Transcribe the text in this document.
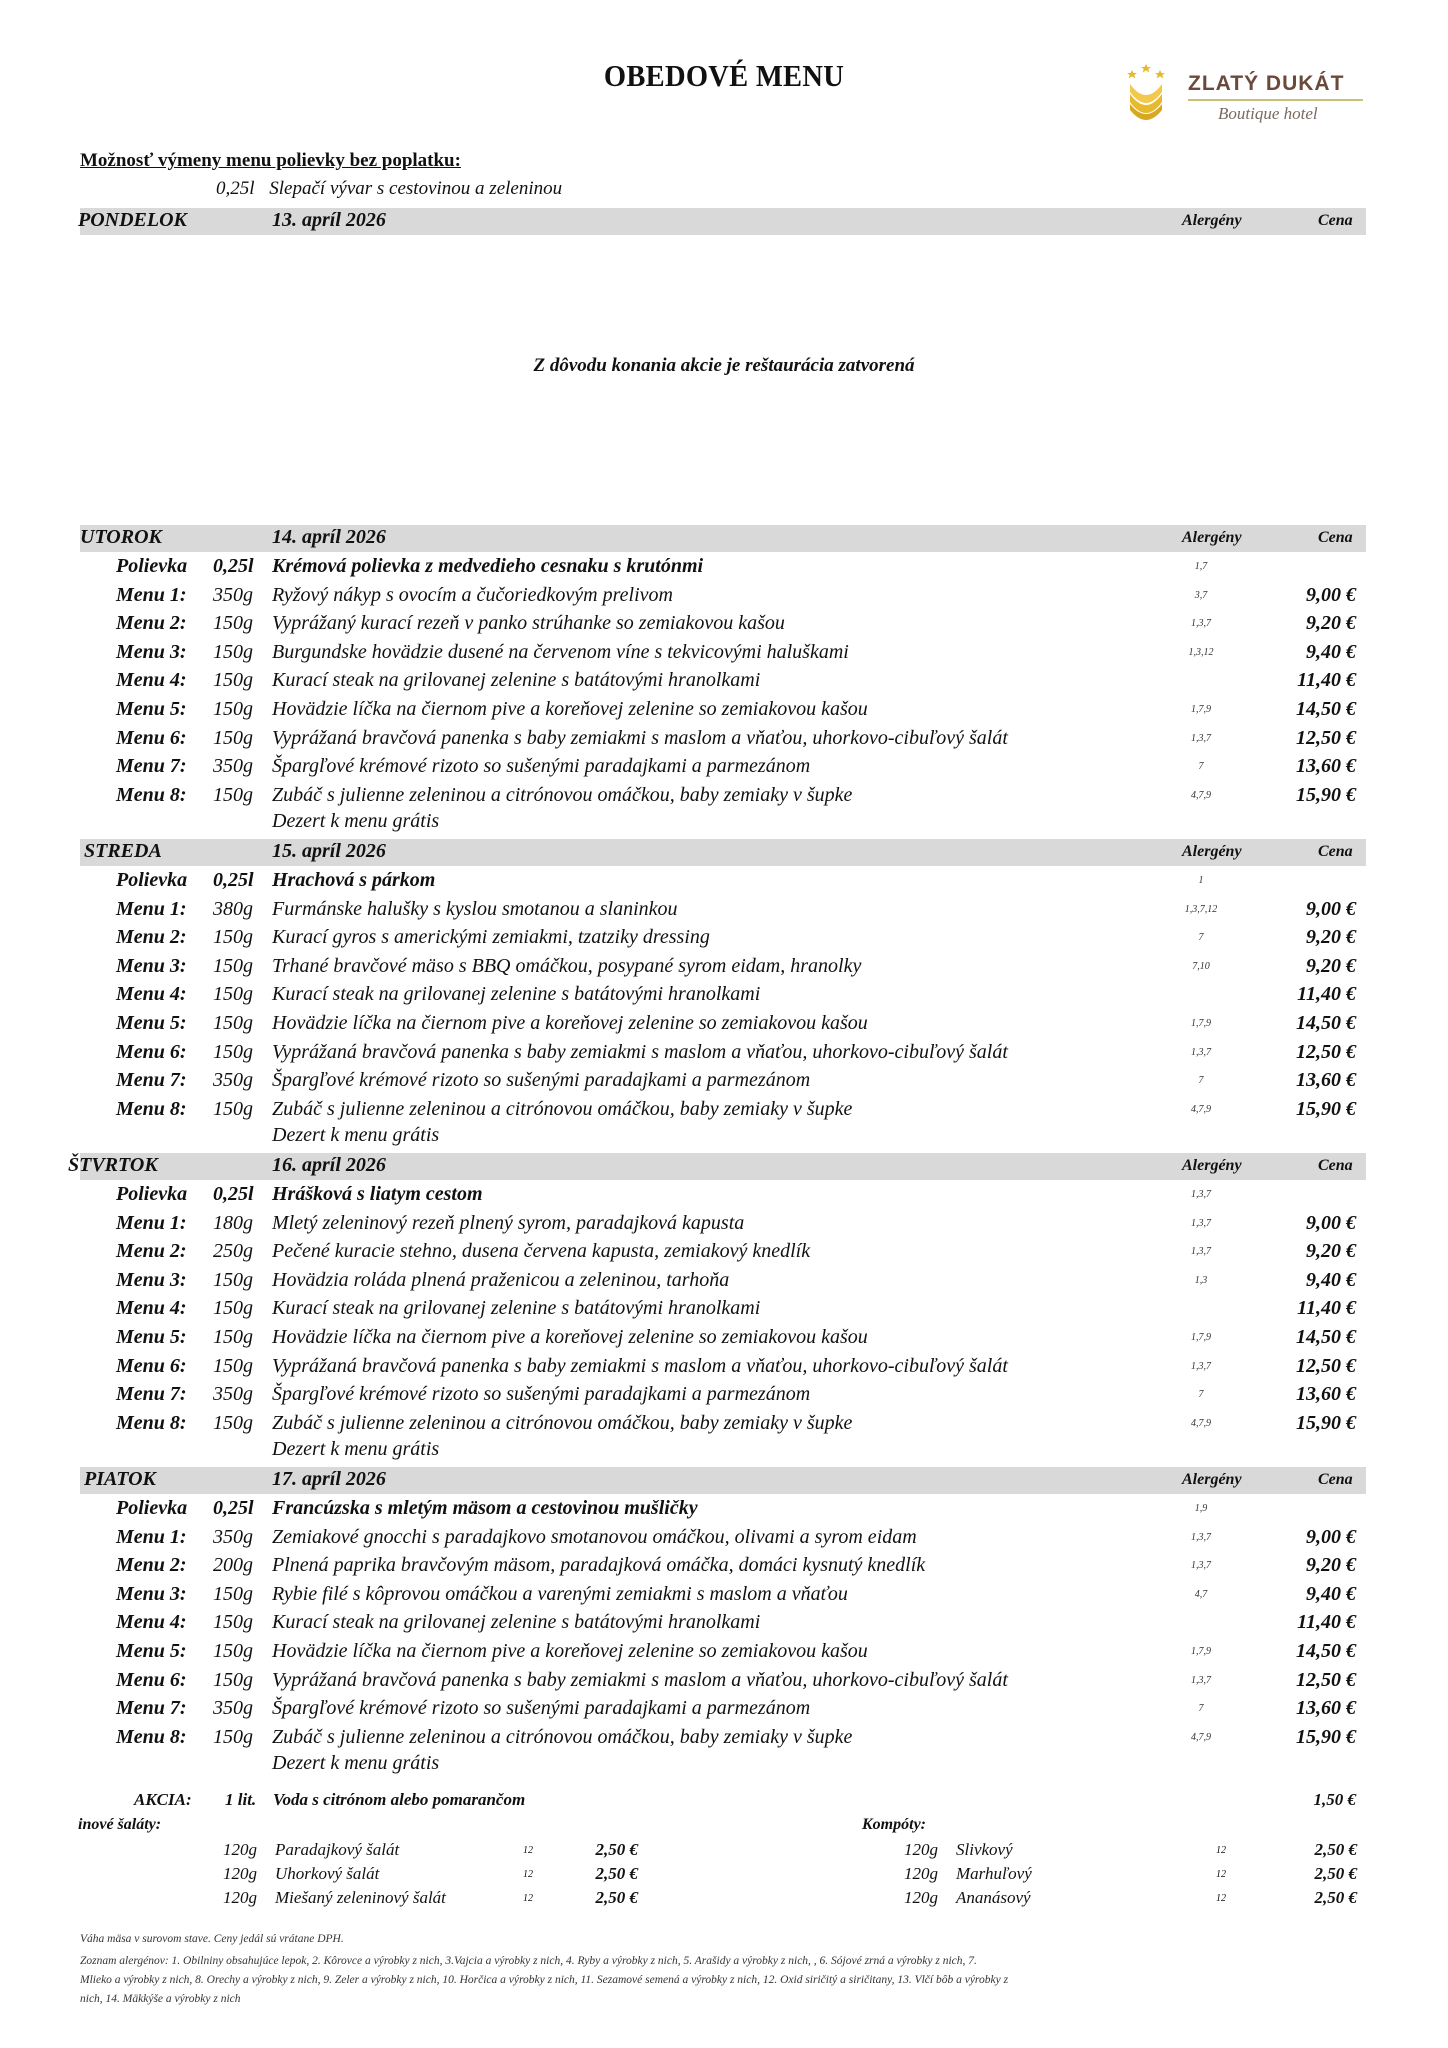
OBEDOVÉ MENU	ZLATÝ DUKÁT
Boutique hotel
Možnosť výmeny menu polievky bez poplatku:
0,25l Slepačí vývar s cestovinou a zeleninou
PONDELOK	13. apríl 2026	Alergény	Cena
Z dôvodu konania akcie je reštaurácia zatvorená
UTOROK	14. apríl 2026	Alergény	Cena
Polievka 0,25l Krémová polievka z medvedieho cesnaku s krutónmi	1,7
Menu 1: 350g Ryžový nákyp s ovocím a čučoriedkovým prelivom	3,7	9,00 €
Menu 2: 150g Vyprážaný kurací rezeň v panko strúhanke so zemiakovou kašou	1,3,7	9,20 €
Menu 3: 150g Burgundske hovädzie dusené na červenom víne s tekvicovými haluškami	1,3,12	9,40 €
Menu 4: 150g Kurací steak na grilovanej zelenine s batátovými hranolkami	11,40 €
Menu 5: 150g Hovädzie líčka na čiernom pive a koreňovej zelenine so zemiakovou kašou	1,7,9	14,50 €
Menu 6: 150g Vyprážaná bravčová panenka s baby zemiakmi s maslom a vňaťou, uhorkovo-cibuľový šalát	1,3,7	12,50 €
Menu 7: 350g Špargľové krémové rizoto so sušenými paradajkami a parmezánom	7	13,60 €
Menu 8: 150g Zubáč s julienne zeleninou a citrónovou omáčkou, baby zemiaky v šupke	4,7,9	15,90 €
Dezert k menu grátis
STREDA	15. apríl 2026	Alergény	Cena
Polievka 0,25l Hrachová s párkom	1
Menu 1: 380g Furmánske halušky s kyslou smotanou a slaninkou	1,3,7,12	9,00 €
Menu 2: 150g Kurací gyros s americkými zemiakmi, tzatziky dressing	7	9,20 €
Menu 3: 150g Trhané bravčové mäso s BBQ omáčkou, posypané syrom eidam, hranolky	7,10	9,20 €
Menu 4: 150g Kurací steak na grilovanej zelenine s batátovými hranolkami	11,40 €
Menu 5: 150g Hovädzie líčka na čiernom pive a koreňovej zelenine so zemiakovou kašou	1,7,9	14,50 €
Menu 6: 150g Vyprážaná bravčová panenka s baby zemiakmi s maslom a vňaťou, uhorkovo-cibuľový šalát	1,3,7	12,50 €
Menu 7: 350g Špargľové krémové rizoto so sušenými paradajkami a parmezánom	7	13,60 €
Menu 8: 150g Zubáč s julienne zeleninou a citrónovou omáčkou, baby zemiaky v šupke	4,7,9	15,90 €
Dezert k menu grátis
ŠTVRTOK	16. apríl 2026	Alergény	Cena
Polievka 0,25l Hrášková s liatym cestom	1,3,7
Menu 1: 180g Mletý zeleninový rezeň plnený syrom, paradajková kapusta	1,3,7	9,00 €
Menu 2: 250g Pečené kuracie stehno, dusena červena kapusta, zemiakový knedlík	1,3,7	9,20 €
Menu 3: 150g Hovädzia roláda plnená praženicou a zeleninou, tarhoňa	1,3	9,40 €
Menu 4: 150g Kurací steak na grilovanej zelenine s batátovými hranolkami	11,40 €
Menu 5: 150g Hovädzie líčka na čiernom pive a koreňovej zelenine so zemiakovou kašou	1,7,9	14,50 €
Menu 6: 150g Vyprážaná bravčová panenka s baby zemiakmi s maslom a vňaťou, uhorkovo-cibuľový šalát	1,3,7	12,50 €
Menu 7: 350g Špargľové krémové rizoto so sušenými paradajkami a parmezánom	7	13,60 €
Menu 8: 150g Zubáč s julienne zeleninou a citrónovou omáčkou, baby zemiaky v šupke	4,7,9	15,90 €
Dezert k menu grátis
PIATOK	17. apríl 2026	Alergény	Cena
Polievka 0,25l Francúzska s mletým mäsom a cestovinou mušličky	1,9
Menu 1: 350g Zemiakové gnocchi s paradajkovo smotanovou omáčkou, olivami a syrom eidam	1,3,7	9,00 €
Menu 2: 200g Plnená paprika bravčovým mäsom, paradajková omáčka, domáci kysnutý knedlík	1,3,7	9,20 €
Menu 3: 150g Rybie filé s kôprovou omáčkou a varenými zemiakmi s maslom a vňaťou	4,7	9,40 €
Menu 4: 150g Kurací steak na grilovanej zelenine s batátovými hranolkami	11,40 €
Menu 5: 150g Hovädzie líčka na čiernom pive a koreňovej zelenine so zemiakovou kašou	1,7,9	14,50 €
Menu 6: 150g Vyprážaná bravčová panenka s baby zemiakmi s maslom a vňaťou, uhorkovo-cibuľový šalát	1,3,7	12,50 €
Menu 7: 350g Špargľové krémové rizoto so sušenými paradajkami a parmezánom	7	13,60 €
Menu 8: 150g Zubáč s julienne zeleninou a citrónovou omáčkou, baby zemiaky v šupke	4,7,9	15,90 €
Dezert k menu grátis
AKCIA: 1 lit. Voda s citrónom alebo pomarančom	1,50 €
inové šaláty:	Kompóty:
120g Paradajkový šalát	12	2,50 €
120g Uhorkový šalát	12	2,50 €
120g Miešaný zeleninový šalát	12	2,50 €
120g Slivkový	12	2,50 €
120g Marhuľový	12	2,50 €
120g Ananásový	12	2,50 €
Váha mäsa v surovom stave. Ceny jedál sú vrátane DPH.
Zoznam alergénov: 1. Obilniny obsahujúce lepok, 2. Kôrovce a výrobky z nich, 3.Vajcia a výrobky z nich, 4. Ryby a výrobky z nich, 5. Arašidy a výrobky z nich, , 6. Sójové zrná a výrobky z nich, 7.
Mlieko a výrobky z nich, 8. Orechy a výrobky z nich, 9. Zeler a výrobky z nich, 10. Horčica a výrobky z nich, 11. Sezamové semená a výrobky z nich, 12. Oxid siričitý a siričitany, 13. Vlčí bôb a výrobky z
nich, 14. Mäkkýše a výrobky z nich
